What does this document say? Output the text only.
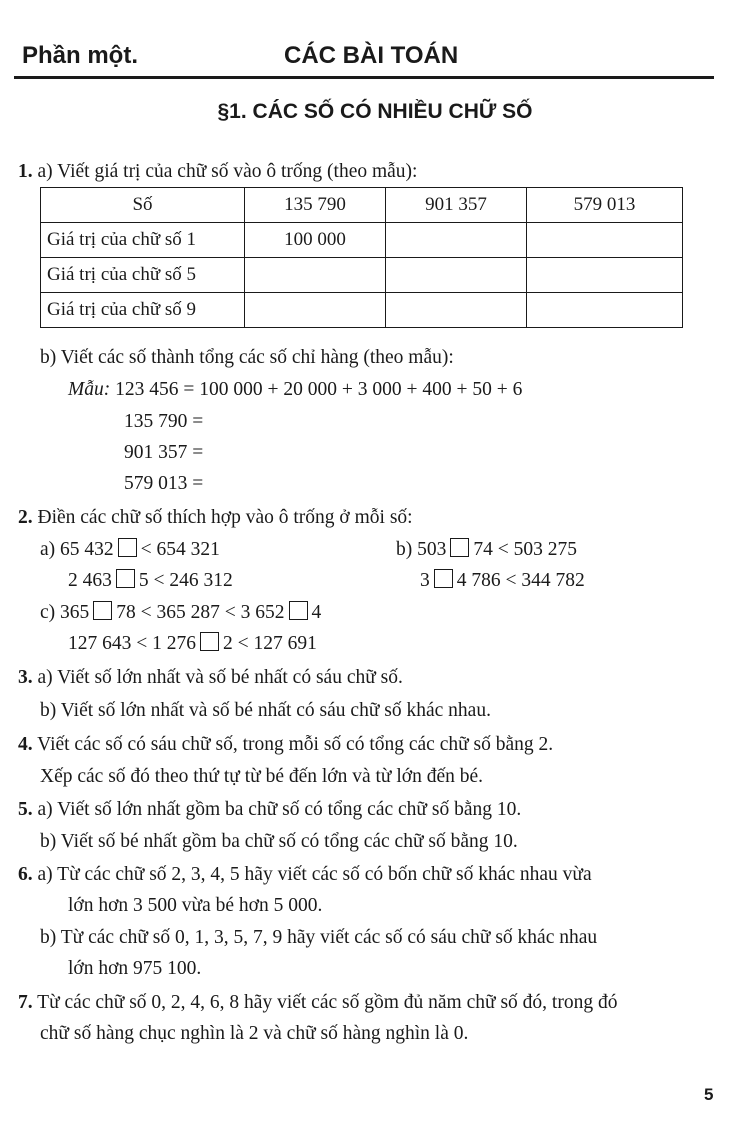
Phần một.	CÁC BÀI TOÁN
§1. CÁC SỐ CÓ NHIỀU CHỮ SỐ
1. a) Viết giá trị của chữ số vào ô trống (theo mẫu):
Số	135 790	901 357	579 013
Giá trị của chữ số 1	100 000		
Giá trị của chữ số 5			
Giá trị của chữ số 9			
b) Viết các số thành tổng các số chỉ hàng (theo mẫu):
Mẫu: 123 456 = 100 000 + 20 000 + 3 000 + 400 + 50 + 6
135 790 =
901 357 =
579 013 =
2. Điền các chữ số thích hợp vào ô trống ở mỗi số:
a) 65 432 < 654 321
2 463 5 < 246 312
b) 503 74 < 503 275
3 4 786 < 344 782
c) 365 78 < 365 287 < 3 652 4
127 643 < 1 276 2 < 127 691
3. a) Viết số lớn nhất và số bé nhất có sáu chữ số.
b) Viết số lớn nhất và số bé nhất có sáu chữ số khác nhau.
4. Viết các số có sáu chữ số, trong mỗi số có tổng các chữ số bằng 2.
Xếp các số đó theo thứ tự từ bé đến lớn và từ lớn đến bé.
5. a) Viết số lớn nhất gồm ba chữ số có tổng các chữ số bằng 10.
b) Viết số bé nhất gồm ba chữ số có tổng các chữ số bằng 10.
6. a) Từ các chữ số 2, 3, 4, 5 hãy viết các số có bốn chữ số khác nhau vừa
lớn hơn 3 500 vừa bé hơn 5 000.
b) Từ các chữ số 0, 1, 3, 5, 7, 9 hãy viết các số có sáu chữ số khác nhau
lớn hơn 975 100.
7. Từ các chữ số 0, 2, 4, 6, 8 hãy viết các số gồm đủ năm chữ số đó, trong đó
chữ số hàng chục nghìn là 2 và chữ số hàng nghìn là 0.
5
